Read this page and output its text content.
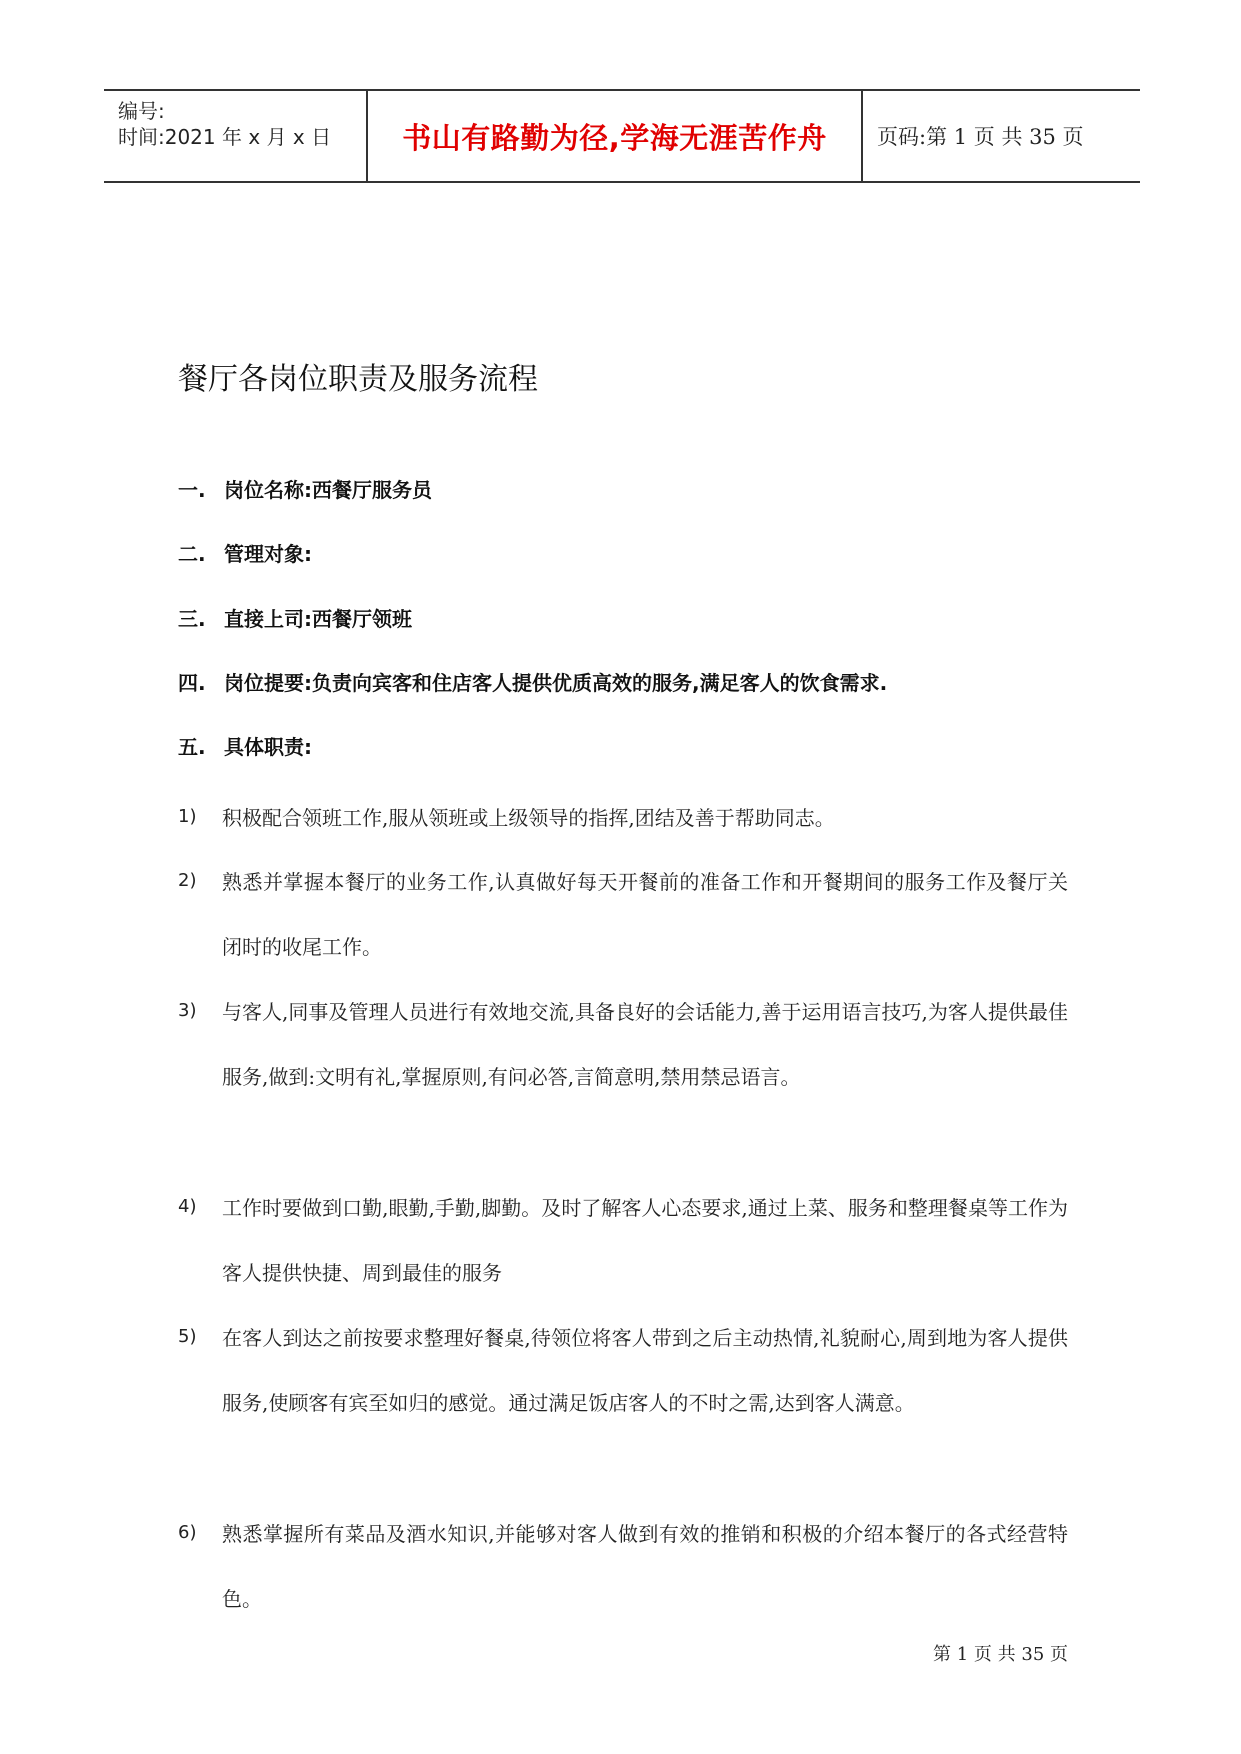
编号:
时间:2021 年 x 月 x 日 书山有路勤为径,学海无涯苦作舟	页码:第 1 页 共 35 页
餐厅各岗位职责及服务流程
一. 岗位名称:西餐厅服务员
二. 管理对象:
三. 直接上司:西餐厅领班
四. 岗位提要:负责向宾客和住店客人提供优质高效的服务,满足客人的饮食需求.
五. 具体职责:
1) 积极配合领班工作,服从领班或上级领导的指挥,团结及善于帮助同志。
2) 熟悉并掌握本餐厅的业务工作,认真做好每天开餐前的准备工作和开餐期间的服务工作及餐厅关闭时的收尾工作。
3) 与客人,同事及管理人员进行有效地交流,具备良好的会话能力,善于运用语言技巧,为客人提供最佳服务,做到:文明有礼,掌握原则,有问必答,言简意明,禁用禁忌语言。
4) 工作时要做到口勤,眼勤,手勤,脚勤。及时了解客人心态要求,通过上菜、服务和整理餐桌等工作为客人提供快捷、周到最佳的服务
5) 在客人到达之前按要求整理好餐桌,待领位将客人带到之后主动热情,礼貌耐心,周到地为客人提供服务,使顾客有宾至如归的感觉。通过满足饭店客人的不时之需,达到客人满意。
6) 熟悉掌握所有菜品及酒水知识,并能够对客人做到有效的推销和积极的介绍本餐厅的各式经营特色。
第 1 页 共 35 页
